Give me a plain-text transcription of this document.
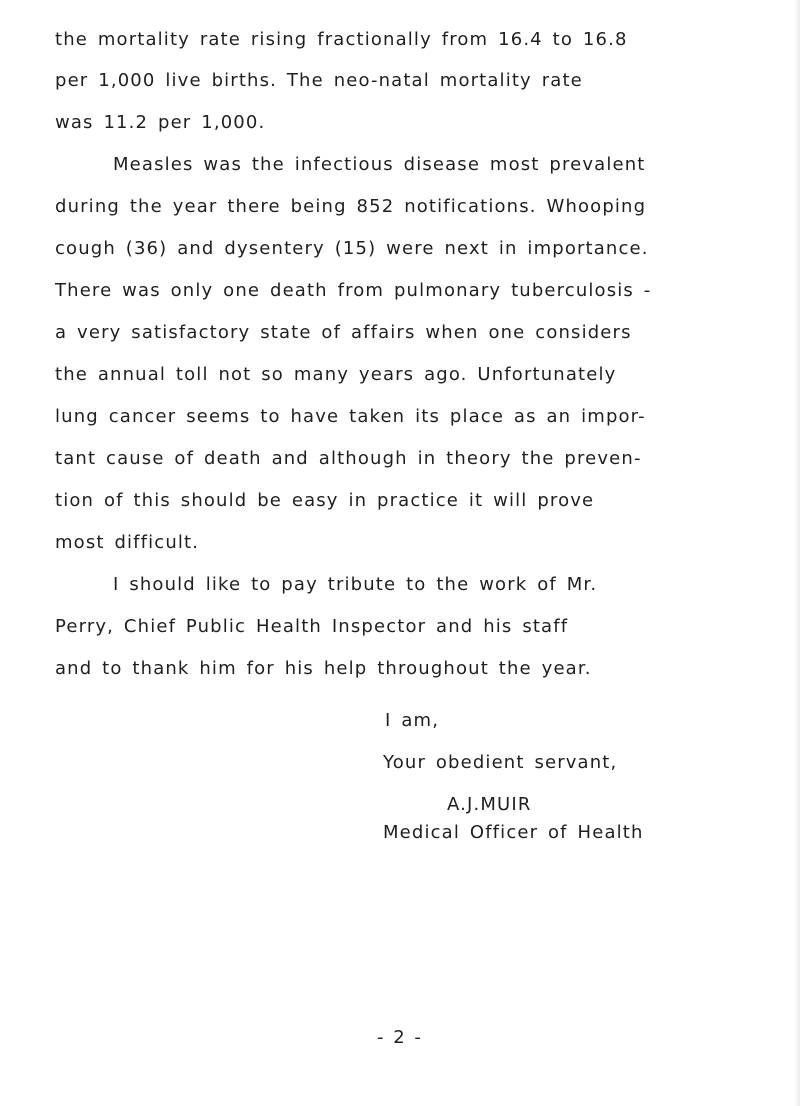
the mortality rate rising fractionally from 16.4 to 16.8
per 1,000 live births. The neo-natal mortality rate
was 11.2 per 1,000.
Measles was the infectious disease most prevalent
during the year there being 852 notifications. Whooping
cough (36) and dysentery (15) were next in importance.
There was only one death from pulmonary tuberculosis -
a very satisfactory state of affairs when one considers
the annual toll not so many years ago. Unfortunately
lung cancer seems to have taken its place as an impor-
tant cause of death and although in theory the preven-
tion of this should be easy in practice it will prove
most difficult.
I should like to pay tribute to the work of Mr.
Perry, Chief Public Health Inspector and his staff
and to thank him for his help throughout the year.
I am,
Your obedient servant,
A.J.MUIR
Medical Officer of Health
- 2 -
